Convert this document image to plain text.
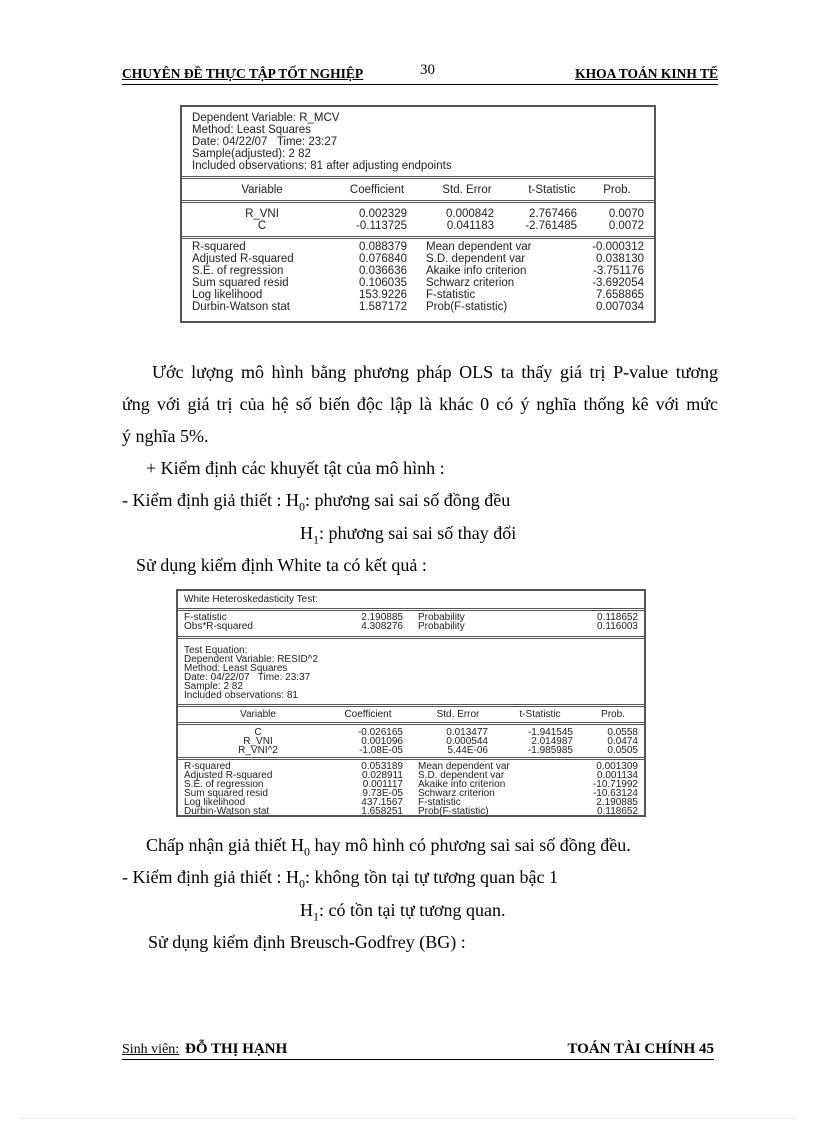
CHUYÊN ĐỀ THỰC TẬP TỐT NGHIỆP	30	KHOA TOÁN KINH TẾ
Dependent Variable: R_MCV
Method: Least Squares
Date: 04/22/07   Time: 23:27
Sample(adjusted): 2 82
Included observations: 81 after adjusting endpoints
Variable	Coefficient	Std. Error	t-Statistic	Prob.
R_VNI	0.002329	0.000842	2.767466	0.0070
C	-0.113725	0.041183	-2.761485	0.0072
R-squared	0.088379 Mean dependent var	-0.000312
Adjusted R-squared	0.076840 S.D. dependent var	0.038130
S.E. of regression	0.036636 Akaike info criterion	-3.751176
Sum squared resid	0.106035 Schwarz criterion	-3.692054
Log likelihood	153.9226 F-statistic	7.658865
Durbin-Watson stat	1.587172 Prob(F-statistic)	0.007034
Ước lượng mô hình bằng phương pháp OLS ta thấy giá trị P-value tương
ứng với giá trị của hệ số biến độc lập là khác 0 có ý nghĩa thống kê với mức
ý nghĩa 5%.
+ Kiểm định các khuyết tật của mô hình :
- Kiểm định giả thiết : $H_0$: phương sai sai số đồng đều
$H_1$: phương sai sai số thay đổi
Sử dụng kiểm định White ta có kết quả :
White Heteroskedasticity Test:
F-statistic	2.190885 Probability	0.118652
Obs*R-squared	4.308276 Probability	0.116003
Test Equation:
Dependent Variable: RESID^2
Method: Least Squares
Date: 04/22/07   Time: 23:37
Sample: 2 82
Included observations: 81
Variable	Coefficient	Std. Error	t-Statistic	Prob.
C	-0.026165	0.013477	-1.941545	0.0558
R_VNI	0.001096	0.000544	2.014987	0.0474
R_VNI^2	-1.08E-05	5.44E-06	-1.985985	0.0505
R-squared	0.053189 Mean dependent var	0.001309
Adjusted R-squared	0.028911 S.D. dependent var	0.001134
S.E. of regression	0.001117 Akaike info criterion	-10.71992
Sum squared resid	9.73E-05 Schwarz criterion	-10.63124
Log likelihood	437.1567 F-statistic	2.190885
Durbin-Watson stat	1.658251 Prob(F-statistic)	0.118652
Chấp nhận giả thiết $H_0$ hay mô hình có phương sai sai số đồng đều.
- Kiểm định giả thiết : $H_0$: không tồn tại tự tương quan bậc 1
$H_1$: có tồn tại tự tương quan.
Sử dụng kiểm định Breusch-Godfrey (BG) :
Sinh viên: ĐỖ THỊ HẠNH	TOÁN TÀI CHÍNH 45
